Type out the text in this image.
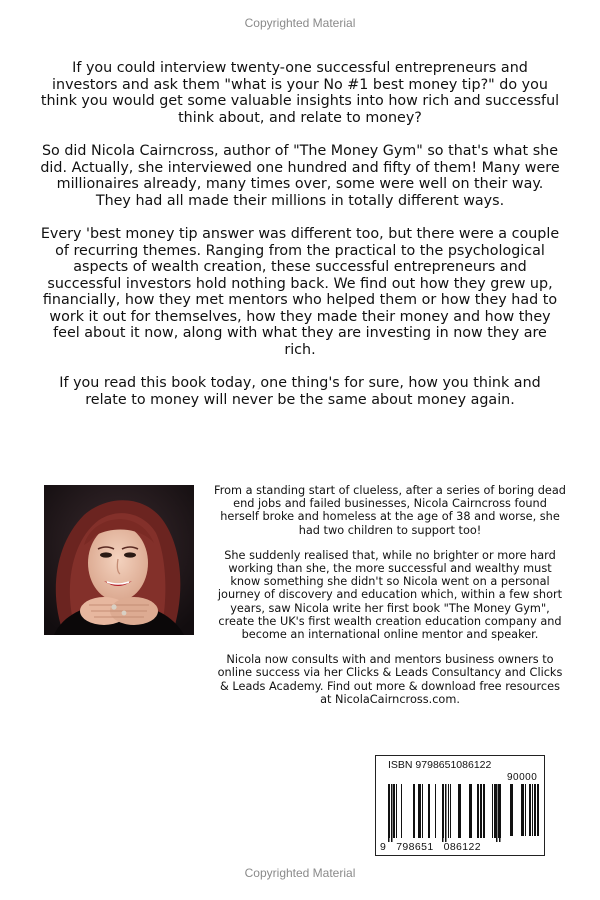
Copyrighted Material

If you could interview twenty-one successful entrepreneurs and investors and ask them "what is your No #1 best money tip?" do you think you would get some valuable insights into how rich and successful think about, and relate to money?

So did Nicola Cairncross, author of "The Money Gym" so that's what she did. Actually, she interviewed one hundred and fifty of them! Many were millionaires already, many times over, some were well on their way. They had all made their millions in totally different ways.

Every 'best money tip answer was different too, but there were a couple of recurring themes. Ranging from the practical to the psychological aspects of wealth creation, these successful entrepreneurs and successful investors hold nothing back. We find out how they grew up, financially, how they met mentors who helped them or how they had to work it out for themselves, how they made their money and how they feel about it now, along with what they are investing in now they are rich.

If you read this book today, one thing's for sure, how you think and relate to money will never be the same about money again.

From a standing start of clueless, after a series of boring dead end jobs and failed businesses, Nicola Cairncross found herself broke and homeless at the age of 38 and worse, she had two children to support too!

She suddenly realised that, while no brighter or more hard working than she, the more successful and wealthy must know something she didn't so Nicola went on a personal journey of discovery and education which, within a few short years, saw Nicola write her first book "The Money Gym", create the UK's first wealth creation education company and become an international online mentor and speaker.

Nicola now consults with and mentors business owners to online success via her Clicks & Leads Consultancy and Clicks & Leads Academy. Find out more & download free resources at NicolaCairncross.com.

ISBN 9798651086122
90000
9   798651   086122
Copyrighted Material
